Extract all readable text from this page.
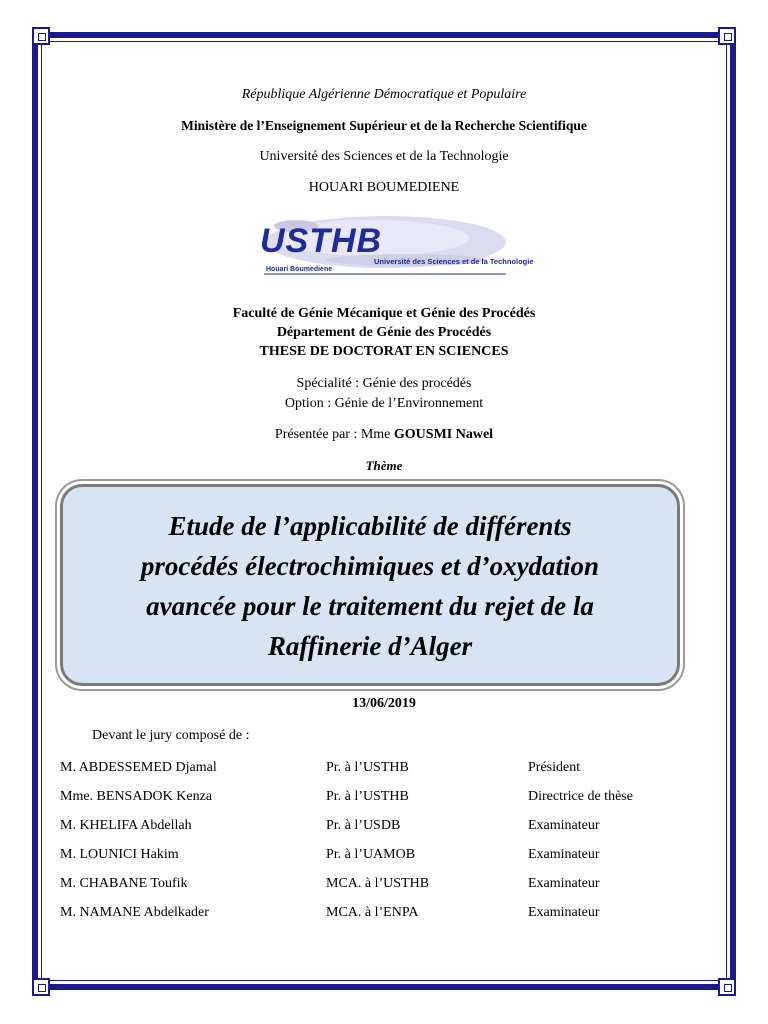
République Algérienne Démocratique et Populaire

Ministère de l’Enseignement Supérieur et de la Recherche Scientifique

Université des Sciences et de la Technologie

HOUARI BOUMEDIENE

USTHB
Université des Sciences et de la Technologie
Houari Boumediene

Faculté de Génie Mécanique et Génie des Procédés

Département de Génie des Procédés

THESE DE DOCTORAT EN SCIENCES

Spécialité : Génie des procédés

Option : Génie de l’Environnement

Présentée par : Mme GOUSMI Nawel

Thème

Etude de l’applicabilité de différents
procédés électrochimiques et d’oxydation
avancée pour le traitement du rejet de la
Raffinerie d’Alger

13/06/2019

Devant le jury composé de :

M. ABDESSEMED Djamal	Pr. à l’USTHB	Président
Mme. BENSADOK Kenza	Pr. à l’USTHB	Directrice de thèse
M. KHELIFA Abdellah	Pr. à l’USDB	Examinateur
M. LOUNICI Hakim	Pr. à l’UAMOB	Examinateur
M. CHABANE Toufik	MCA. à l’USTHB	Examinateur
M. NAMANE Abdelkader	MCA. à l’ENPA	Examinateur
